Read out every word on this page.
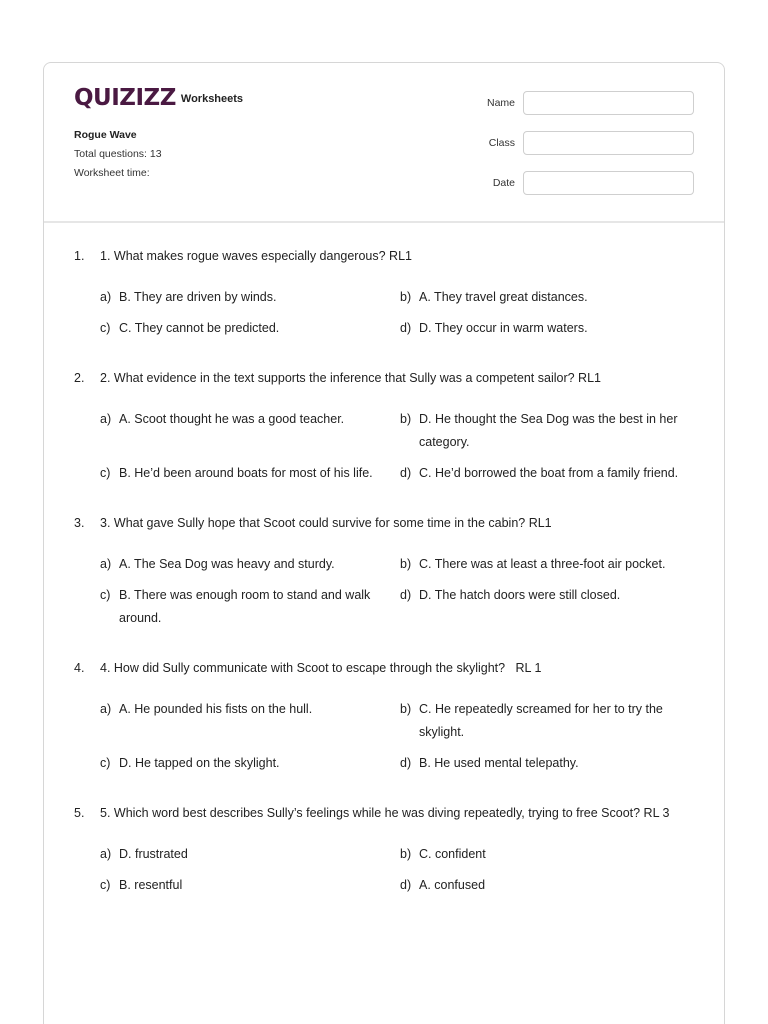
QUIZIZZ Worksheets
Rogue Wave
Total questions: 13
Worksheet time:
Name
Class
Date
1.	1. What makes rogue waves especially dangerous? RL1
a) B. They are driven by winds.	b) A. They travel great distances.
c) C. They cannot be predicted.	d) D. They occur in warm waters.
2.	2. What evidence in the text supports the inference that Sully was a competent sailor? RL1
a) A. Scoot thought he was a good teacher.	b) D. He thought the Sea Dog was the best in her category.
c) B. He’d been around boats for most of his life.	d) C. He’d borrowed the boat from a family friend.
3.	3. What gave Sully hope that Scoot could survive for some time in the cabin? RL1
a) A. The Sea Dog was heavy and sturdy.	b) C. There was at least a three-foot air pocket.
c) B. There was enough room to stand and walk around.
d) D. The hatch doors were still closed.
4.	4. How did Sully communicate with Scoot to escape through the skylight?   RL 1
a) A. He pounded his fists on the hull.	b) C. He repeatedly screamed for her to try the skylight.
c) D. He tapped on the skylight.	d) B. He used mental telepathy.
5.	5. Which word best describes Sully’s feelings while he was diving repeatedly, trying to free Scoot? RL 3
a) D. frustrated	b) C. confident
c) B. resentful	d) A. confused
